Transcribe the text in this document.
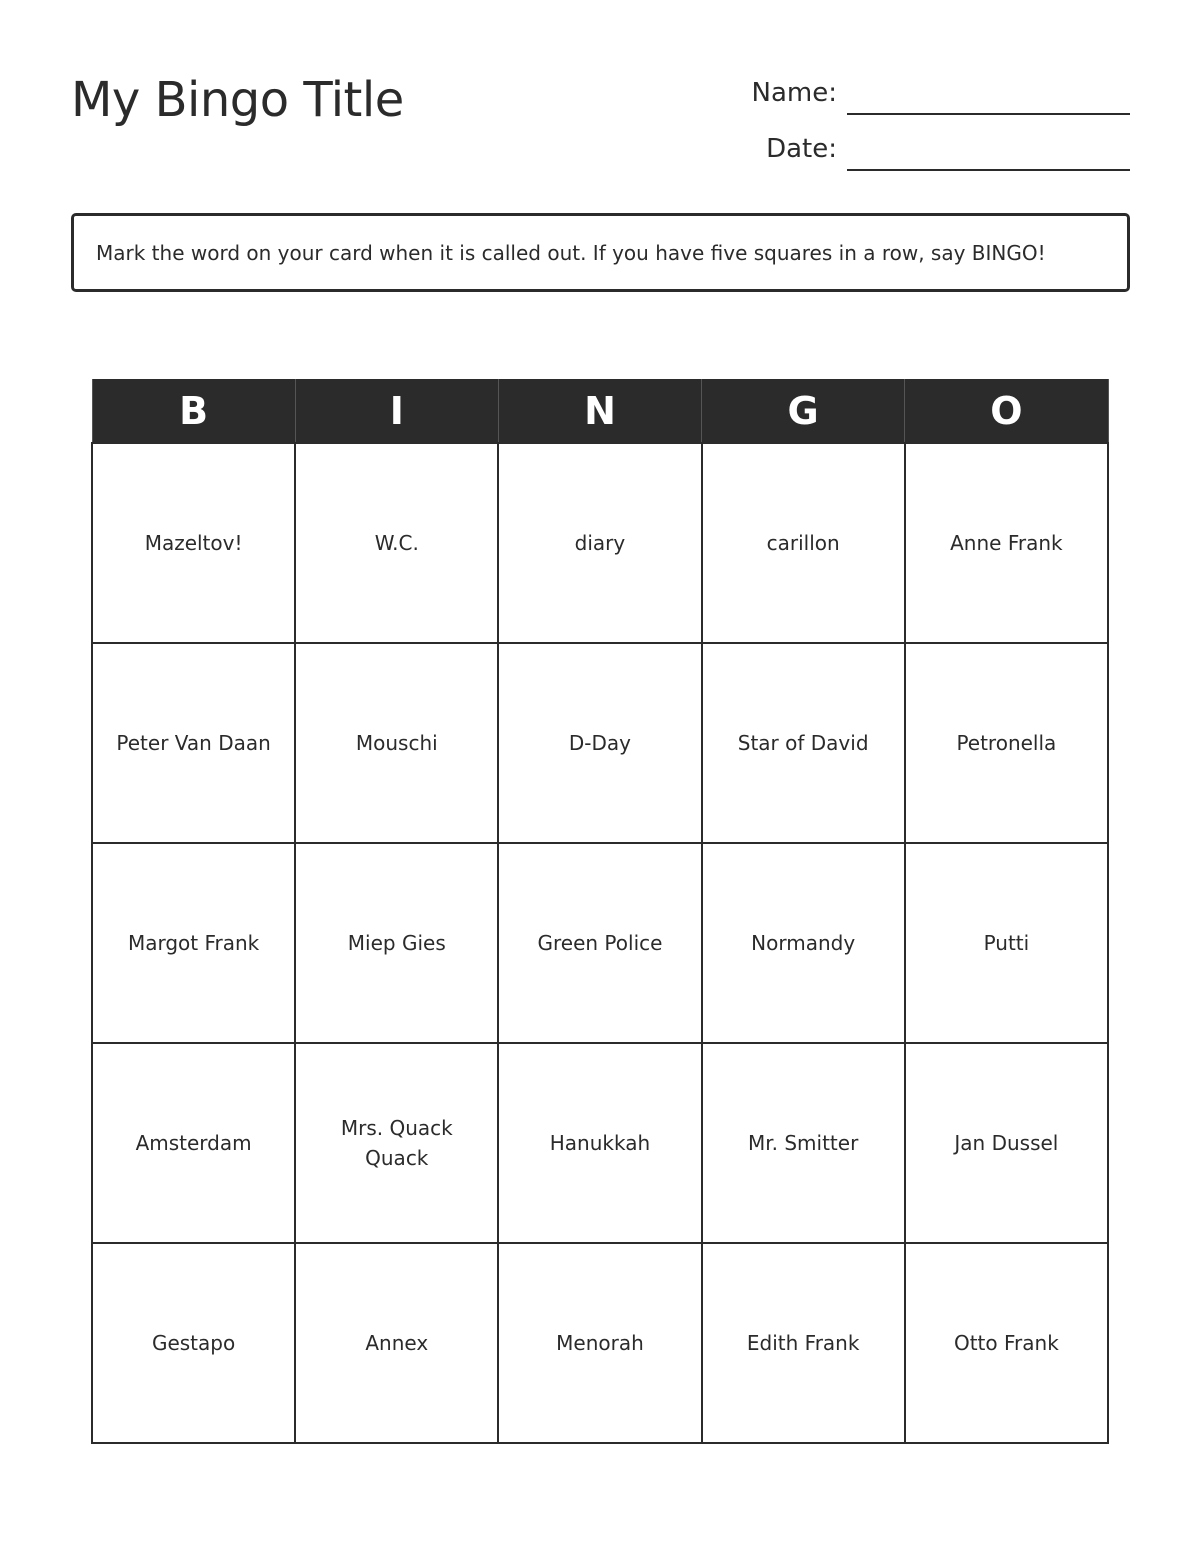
My Bingo Title	Name:
Date:
Mark the word on your card when it is called out. If you have five squares in a row, say BINGO!
B	I	N	G	O
Mazeltov!	W.C.	diary	carillon	Anne Frank
Peter Van Daan	Mouschi	D-Day	Star of David	Petronella
Margot Frank	Miep Gies	Green Police	Normandy	Putti
Amsterdam	Mrs. Quack Quack	Hanukkah	Mr. Smitter	Jan Dussel
Gestapo	Annex	Menorah	Edith Frank	Otto Frank
